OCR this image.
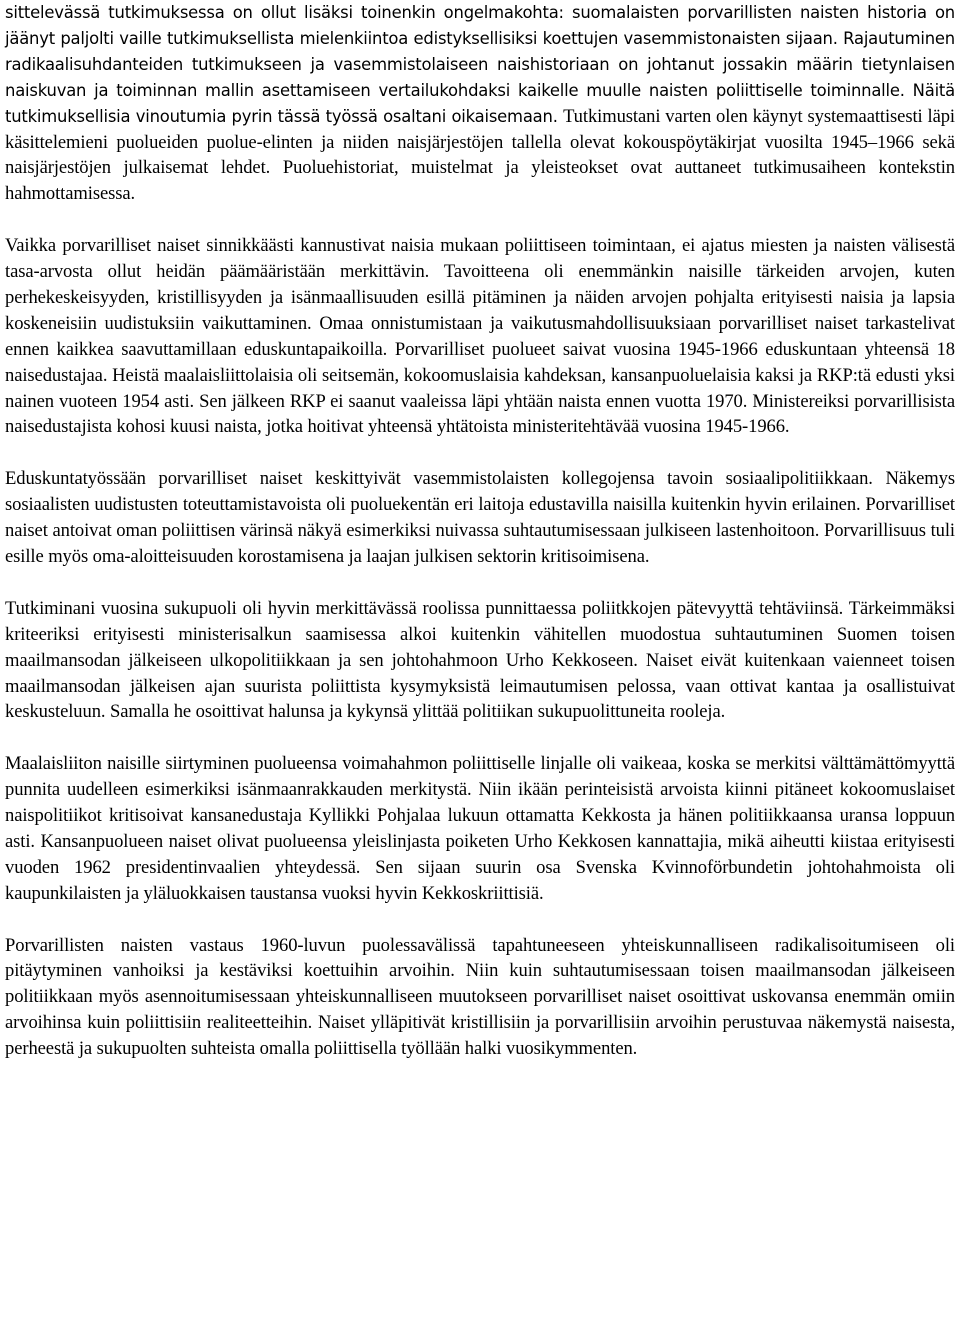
sittelevässä tutkimuksessa on ollut lisäksi toinenkin ongelmakohta: suomalaisten porvarillisten naisten historia on jäänyt paljolti vaille tutkimuksellista mielenkiintoa edistyksellisiksi koettujen vasemmistonaisten sijaan. Rajautuminen radikaalisuhdanteiden tutkimukseen ja vasemmistolaiseen naishistoriaan on johtanut jossakin määrin tietynlaisen naiskuvan ja toiminnan mallin asettamiseen vertailukohdaksi kaikelle muulle naisten poliittiselle toiminnalle. Näitä tutkimuksellisia vinoutumia pyrin tässä työssä osaltani oikaisemaan. Tutkimustani varten olen käynyt systemaattisesti läpi käsittelemieni puolueiden puolue-elinten ja niiden naisjärjestöjen tallella olevat kokouspöytäkirjat vuosilta 1945–1966 sekä naisjärjestöjen julkaisemat lehdet. Puoluehistoriat, muistelmat ja yleisteokset ovat auttaneet tutkimusaiheen kontekstin hahmottamisessa.

Vaikka porvarilliset naiset sinnikkäästi kannustivat naisia mukaan poliittiseen toimintaan, ei ajatus miesten ja naisten välisestä tasa-arvosta ollut heidän päämääristään merkittävin. Tavoitteena oli enemmänkin naisille tärkeiden arvojen, kuten perhekeskeisyyden, kristillisyyden ja isänmaallisuuden esillä pitäminen ja näiden arvojen pohjalta erityisesti naisia ja lapsia koskeneisiin uudistuksiin vaikuttaminen. Omaa onnistumistaan ja vaikutusmahdollisuuksiaan porvarilliset naiset tarkastelivat ennen kaikkea saavuttamillaan eduskuntapaikoilla. Porvarilliset puolueet saivat vuosina 1945-1966 eduskuntaan yhteensä 18 naisedustajaa. Heistä maalaisliittolaisia oli seitsemän, kokoomuslaisia kahdeksan, kansanpuoluelaisia kaksi ja RKP:tä edusti yksi nainen vuoteen 1954 asti. Sen jälkeen RKP ei saanut vaaleissa läpi yhtään naista ennen vuotta 1970. Ministereiksi porvarillisista naisedustajista kohosi kuusi naista, jotka hoitivat yhteensä yhtätoista ministeritehtävää vuosina 1945-1966.

Eduskuntatyössään porvarilliset naiset keskittyivät vasemmistolaisten kollegojensa tavoin sosiaalipolitiikkaan. Näkemys sosiaalisten uudistusten toteuttamistavoista oli puoluekentän eri laitoja edustavilla naisilla kuitenkin hyvin erilainen. Porvarilliset naiset antoivat oman poliittisen värinsä näkyä esimerkiksi nuivassa suhtautumisessaan julkiseen lastenhoitoon. Porvarillisuus tuli esille myös oma-aloitteisuuden korostamisena ja laajan julkisen sektorin kritisoimisena.

Tutkiminani vuosina sukupuoli oli hyvin merkittävässä roolissa punnittaessa poliitkkojen pätevyyttä tehtäviinsä. Tärkeimmäksi kriteeriksi erityisesti ministerisalkun saamisessa alkoi kuitenkin vähitellen muodostua suhtautuminen Suomen toisen maailmansodan jälkeiseen ulkopolitiikkaan ja sen johtohahmoon Urho Kekkoseen. Naiset eivät kuitenkaan vaienneet toisen maailmansodan jälkeisen ajan suurista poliittista kysymyksistä leimautumisen pelossa, vaan ottivat kantaa ja osallistuivat keskusteluun. Samalla he osoittivat halunsa ja kykynsä ylittää politiikan sukupuolittuneita rooleja.

Maalaisliiton naisille siirtyminen puolueensa voimahahmon poliittiselle linjalle oli vaikeaa, koska se merkitsi välttämättömyyttä punnita uudelleen esimerkiksi isänmaanrakkauden merkitystä. Niin ikään perinteisistä arvoista kiinni pitäneet kokoomuslaiset naispolitiikot kritisoivat kansanedustaja Kyllikki Pohjalaa lukuun ottamatta Kekkosta ja hänen politiikkaansa uransa loppuun asti. Kansanpuolueen naiset olivat puolueensa yleislinjasta poiketen Urho Kekkosen kannattajia, mikä aiheutti kiistaa erityisesti vuoden 1962 presidentinvaalien yhteydessä. Sen sijaan suurin osa Svenska Kvinnoförbundetin johtohahmoista oli kaupunkilaisten ja yläluokkaisen taustansa vuoksi hyvin Kekkoskriittisiä.

Porvarillisten naisten vastaus 1960-luvun puolessavälissä tapahtuneeseen yhteiskunnalliseen radikalisoitumiseen oli pitäytyminen vanhoiksi ja kestäviksi koettuihin arvoihin. Niin kuin suhtautumisessaan toisen maailmansodan jälkeiseen politiikkaan myös asennoitumisessaan yhteiskunnalliseen muutokseen porvarilliset naiset osoittivat uskovansa enemmän omiin arvoihinsa kuin poliittisiin realiteetteihin. Naiset ylläpitivät kristillisiin ja porvarillisiin arvoihin perustuvaa näkemystä naisesta, perheestä ja sukupuolten suhteista omalla poliittisella työllään halki vuosikymmenten.
